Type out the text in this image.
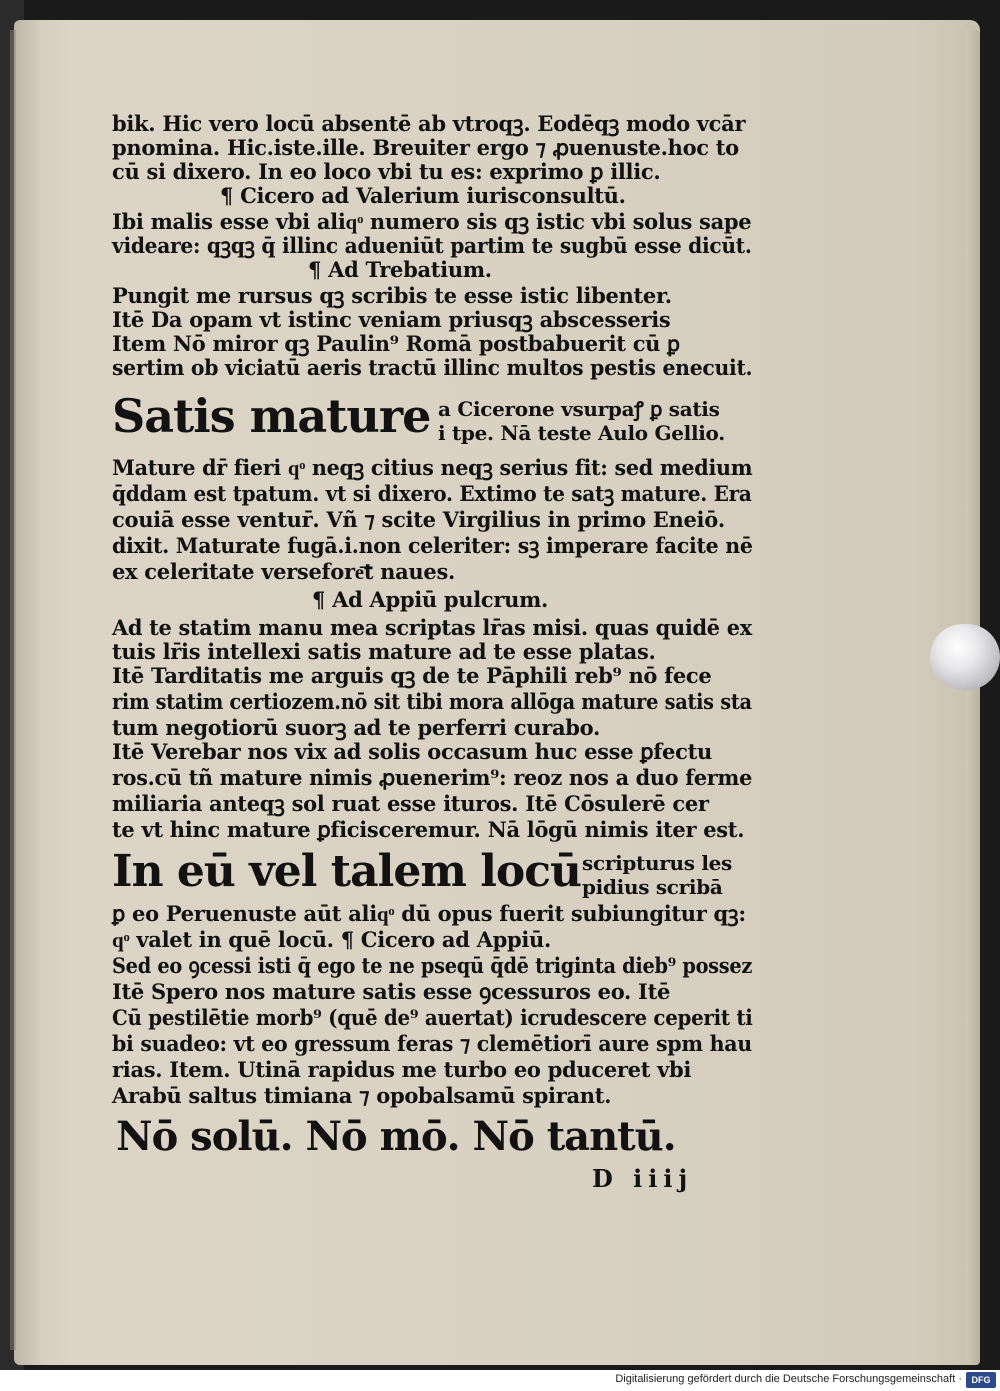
bik. Hic vero locū absentē ab vtroqꝫ. Eodēqꝫ modo vcār
pnomina. Hic.iste.ille. Breuiter ergo ⁊ ꝓuenuste.hoc to
cū si dixero. In eo loco vbi tu es: exprimo ꝑ illic.
¶ Cicero ad Valerium iurisconsultū.
Ibi malis esse vbi aliqͦ numero sis qꝫ istic vbi solus sape
videare: qꝫqꝫ q̄ illinc adueniūt partim te sugbū esse dicūt.
¶ Ad Trebatium.
Pungit me rursus qꝫ scribis te esse istic libenter.
Itē Da opam vt istinc veniam priusqꝫ abscesseris
Item Nō miror qꝫ Paulin⁹ Romā postbabuerit cū ꝑ
sertim ob viciatū aeris tractū illinc multos pestis enecuit.
Satis mature a Cicerone vsurpaꝭ ꝑ satis
i tpe. Nā teste Aulo Gellio.
Mature dr̄ fieri qͦ neqꝫ citius neqꝫ serius fit: sed medium
q̄ddam est tpatum. vt si dixero. Extimo te satꝫ mature. Era
couiā esse ventur̄. Vñ ⁊ scite Virgilius in primo Eneiō.
dixit. Maturate fugā.i.non celeriter: sꝫ imperare facite nē
ex celeritate versefore͞t naues.
¶ Ad Appiū pulcrum.
Ad te statim manu mea scriptas lr̄as misi. quas quidē ex
tuis lr̄is intellexi satis mature ad te esse platas.
Itē Tarditatis me arguis qꝫ de te Pāphili reb⁹ nō fece
rim statim certiozem.nō sit tibi mora allōga mature satis sta
tum negotiorū suorꝫ ad te perferri curabo.
Itē Verebar nos vix ad solis occasum huc esse ꝑfectu
ros.cū tñ mature nimis ꝓuenerim⁹: reoz nos a duo ferme
miliaria anteqꝫ sol ruat esse ituros. Itē Cōsulerē cer
te vt hinc mature ꝑficisceremur. Nā lōgū nimis iter est.
In eū vel talem locū scripturus les
pidius scribā
ꝑ eo Peruenuste aūt aliqͦ dū opus fuerit subiungitur qꝫ:
qͦ valet in quē locū. ¶ Cicero ad Appiū.
Sed eo ꝯcessi isti q̄ ego te ne pseqū q̄dē triginta dieb⁹ possez
Itē Spero nos mature satis esse ꝯcessuros eo. Itē
Cū pestilētie morb⁹ (quē de⁹ auertat) icrudescere ceperit ti
bi suadeo: vt eo gressum feras ⁊ clemētiorī aure spm hau
rias. Item. Utinā rapidus me turbo eo pduceret vbi
Arabū saltus timiana ⁊ opobalsamū spirant.
Nō solū. Nō mō. Nō tantū.
D iiij
Digitalisierung gefördert durch die Deutsche Forschungsgemeinschaft ·	DFG
